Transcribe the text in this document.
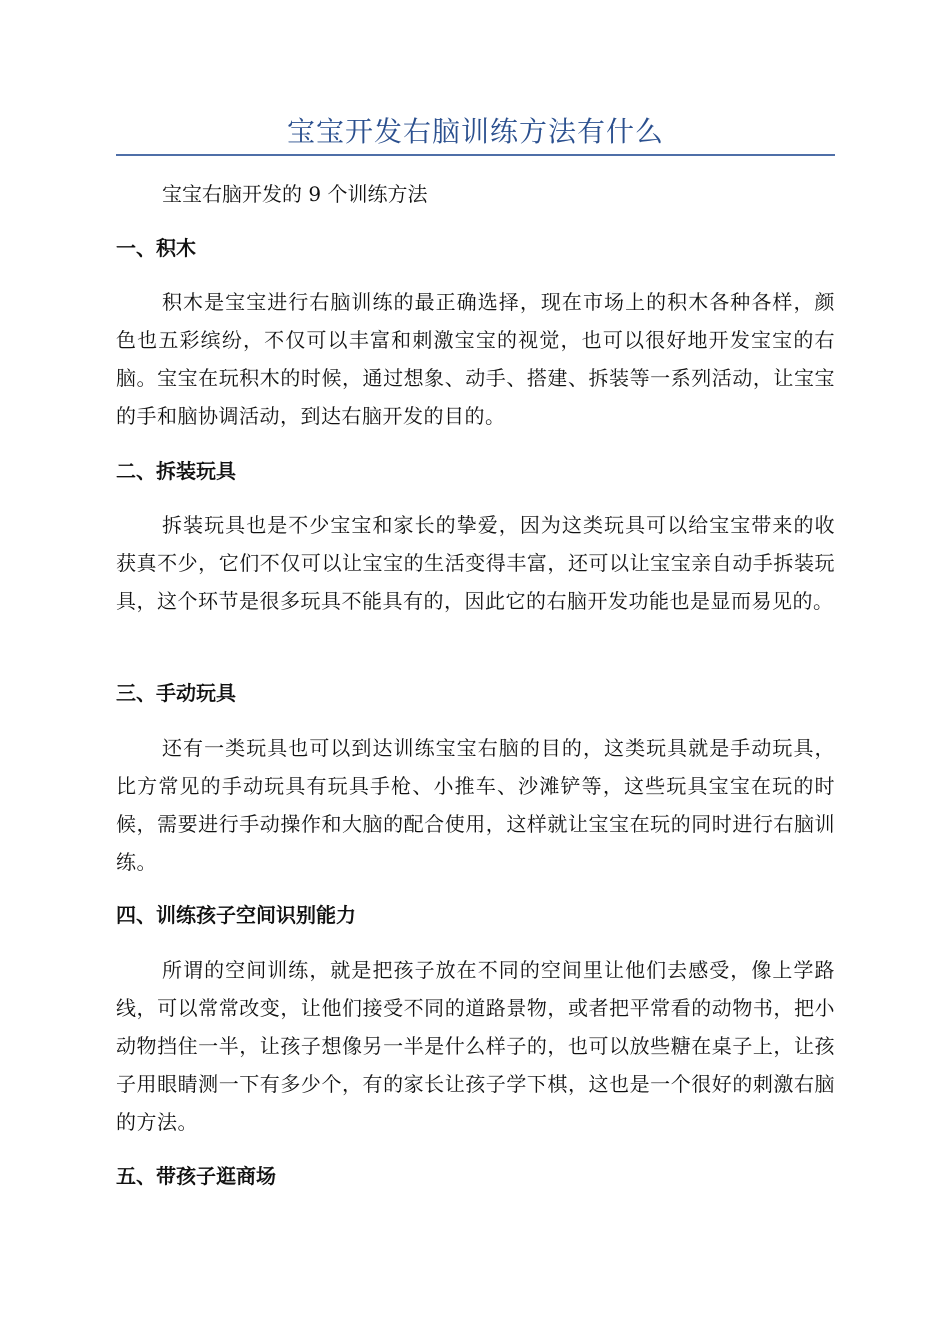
宝宝开发右脑训练方法有什么

宝宝右脑开发的 9 个训练方法

一、积木

积木是宝宝进行右脑训练的最正确选择，现在市场上的积木各种各样，颜色也五彩缤纷，不仅可以丰富和刺激宝宝的视觉，也可以很好地开发宝宝的右脑。宝宝在玩积木的时候，通过想象、动手、搭建、拆装等一系列活动，让宝宝的手和脑协调活动，到达右脑开发的目的。

二、拆装玩具

拆装玩具也是不少宝宝和家长的挚爱，因为这类玩具可以给宝宝带来的收获真不少，它们不仅可以让宝宝的生活变得丰富，还可以让宝宝亲自动手拆装玩具，这个环节是很多玩具不能具有的，因此它的右脑开发功能也是显而易见的。

三、手动玩具

还有一类玩具也可以到达训练宝宝右脑的目的，这类玩具就是手动玩具，比方常见的手动玩具有玩具手枪、小推车、沙滩铲等，这些玩具宝宝在玩的时候，需要进行手动操作和大脑的配合使用，这样就让宝宝在玩的同时进行右脑训练。

四、训练孩子空间识别能力

所谓的空间训练，就是把孩子放在不同的空间里让他们去感受，像上学路线，可以常常改变，让他们接受不同的道路景物，或者把平常看的动物书，把小动物挡住一半，让孩子想像另一半是什么样子的，也可以放些糖在桌子上，让孩子用眼睛测一下有多少个，有的家长让孩子学下棋，这也是一个很好的刺激右脑的方法。

五、带孩子逛商场
